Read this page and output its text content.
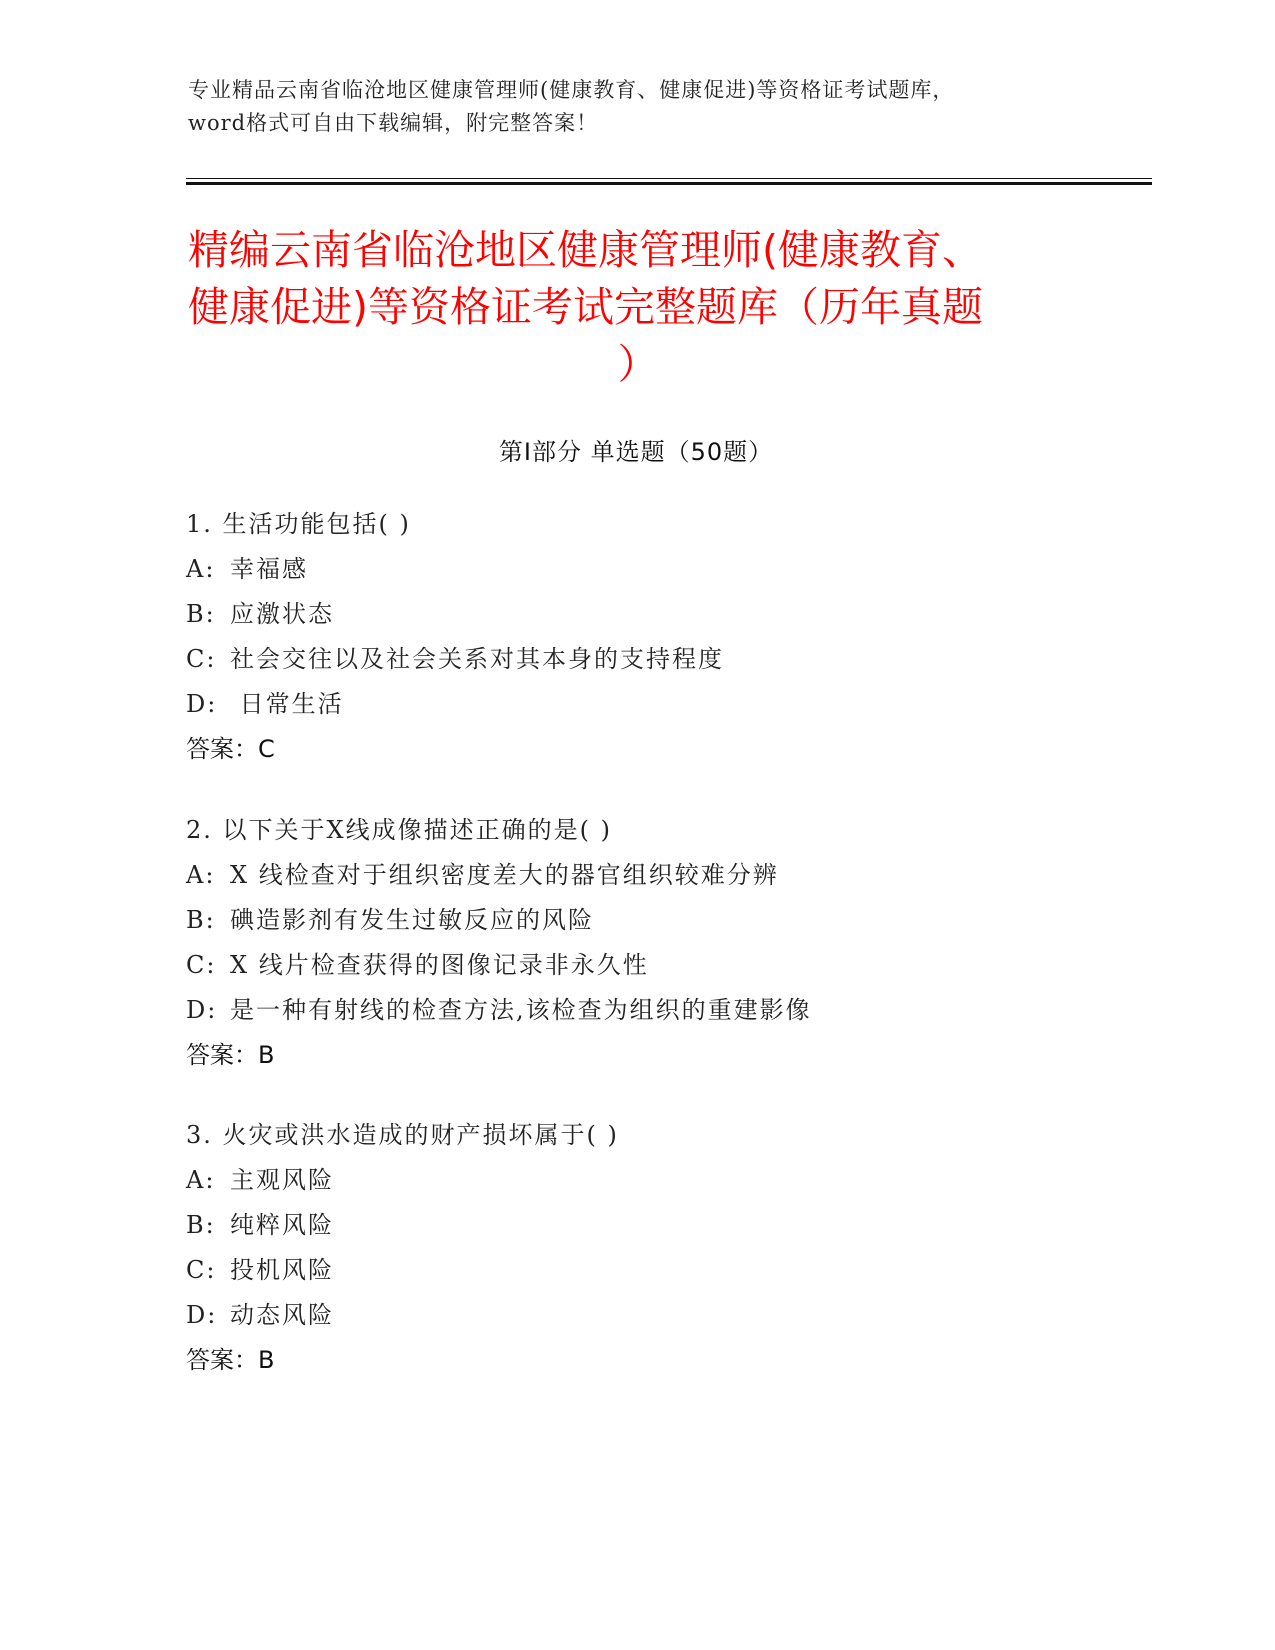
专业精品云南省临沧地区健康管理师(健康教育、健康促进)等资格证考试题库，
word格式可自由下载编辑，附完整答案！
精编云南省临沧地区健康管理师(健康教育、
健康促进)等资格证考试完整题库（历年真题
）
第Ⅰ部分 单选题（50题）
1. 生活功能包括( )
A: 幸福感
B: 应激状态
C: 社会交往以及社会关系对其本身的支持程度
D: 日常生活
答案：C
2. 以下关于X线成像描述正确的是( )
A: X 线检查对于组织密度差大的器官组织较难分辨
B: 碘造影剂有发生过敏反应的风险
C: X 线片检查获得的图像记录非永久性
D: 是一种有射线的检查方法,该检查为组织的重建影像
答案：B
3. 火灾或洪水造成的财产损坏属于( )
A: 主观风险
B: 纯粹风险
C: 投机风险
D: 动态风险
答案：B
